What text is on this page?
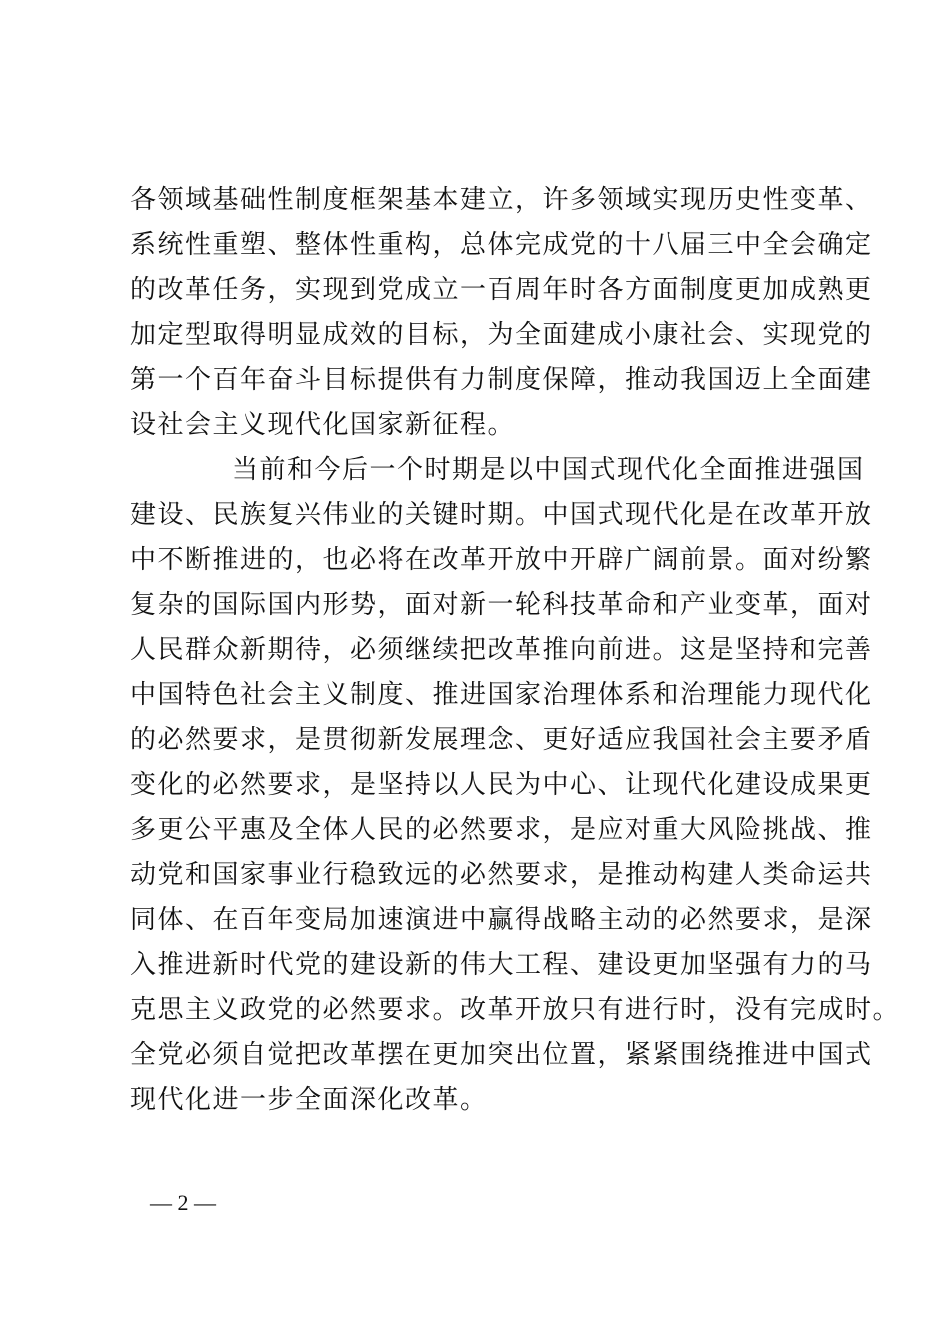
各领域基础性制度框架基本建立，许多领域实现历史性变革、
系统性重塑、整体性重构，总体完成党的十八届三中全会确定
的改革任务，实现到党成立一百周年时各方面制度更加成熟更
加定型取得明显成效的目标，为全面建成小康社会、实现党的
第一个百年奋斗目标提供有力制度保障，推动我国迈上全面建
设社会主义现代化国家新征程。
当前和今后一个时期是以中国式现代化全面推进强国
建设、民族复兴伟业的关键时期。中国式现代化是在改革开放
中不断推进的，也必将在改革开放中开辟广阔前景。面对纷繁
复杂的国际国内形势，面对新一轮科技革命和产业变革，面对
人民群众新期待，必须继续把改革推向前进。这是坚持和完善
中国特色社会主义制度、推进国家治理体系和治理能力现代化
的必然要求，是贯彻新发展理念、更好适应我国社会主要矛盾
变化的必然要求，是坚持以人民为中心、让现代化建设成果更
多更公平惠及全体人民的必然要求，是应对重大风险挑战、推
动党和国家事业行稳致远的必然要求，是推动构建人类命运共
同体、在百年变局加速演进中赢得战略主动的必然要求，是深
入推进新时代党的建设新的伟大工程、建设更加坚强有力的马
克思主义政党的必然要求。改革开放只有进行时，没有完成时。
全党必须自觉把改革摆在更加突出位置，紧紧围绕推进中国式
现代化进一步全面深化改革。
— 2 —
